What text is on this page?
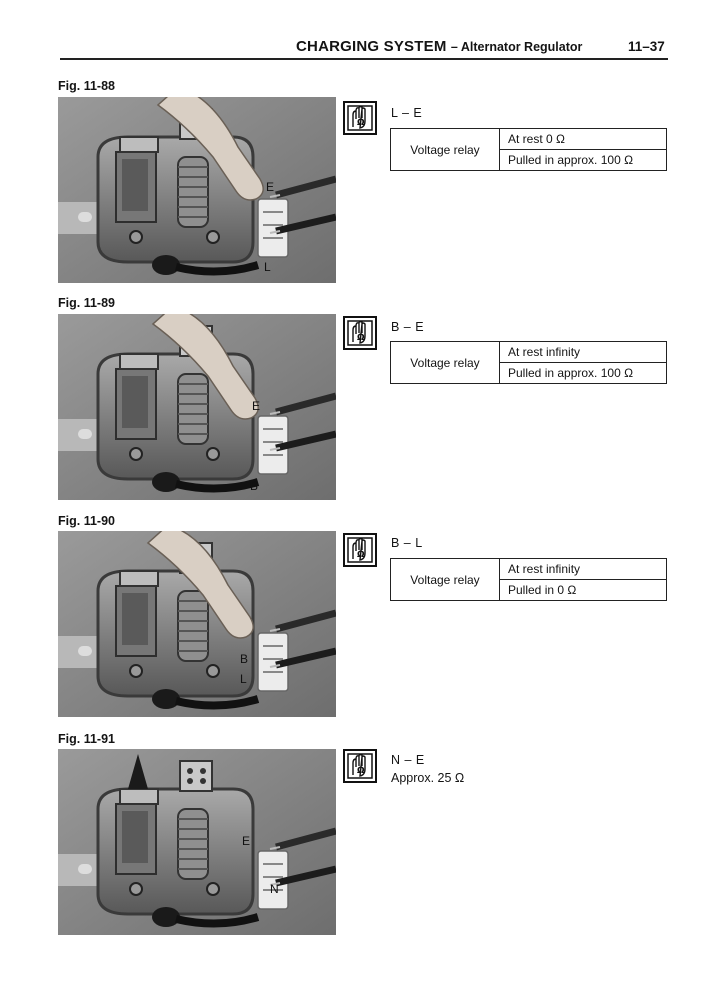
CHARGING SYSTEM – Alternator Regulator	11–37
Fig. 11-88
E
L
L – E
Voltage relay	At rest 0 Ω
Pulled in approx. 100 Ω
Fig. 11-89
E
B
B – E
Voltage relay	At rest infinity
Pulled in approx. 100 Ω
Fig. 11-90
B
L
B – L
Voltage relay	At rest infinity
Pulled in 0 Ω
Fig. 11-91
E
N
N – E
Approx. 25 Ω
